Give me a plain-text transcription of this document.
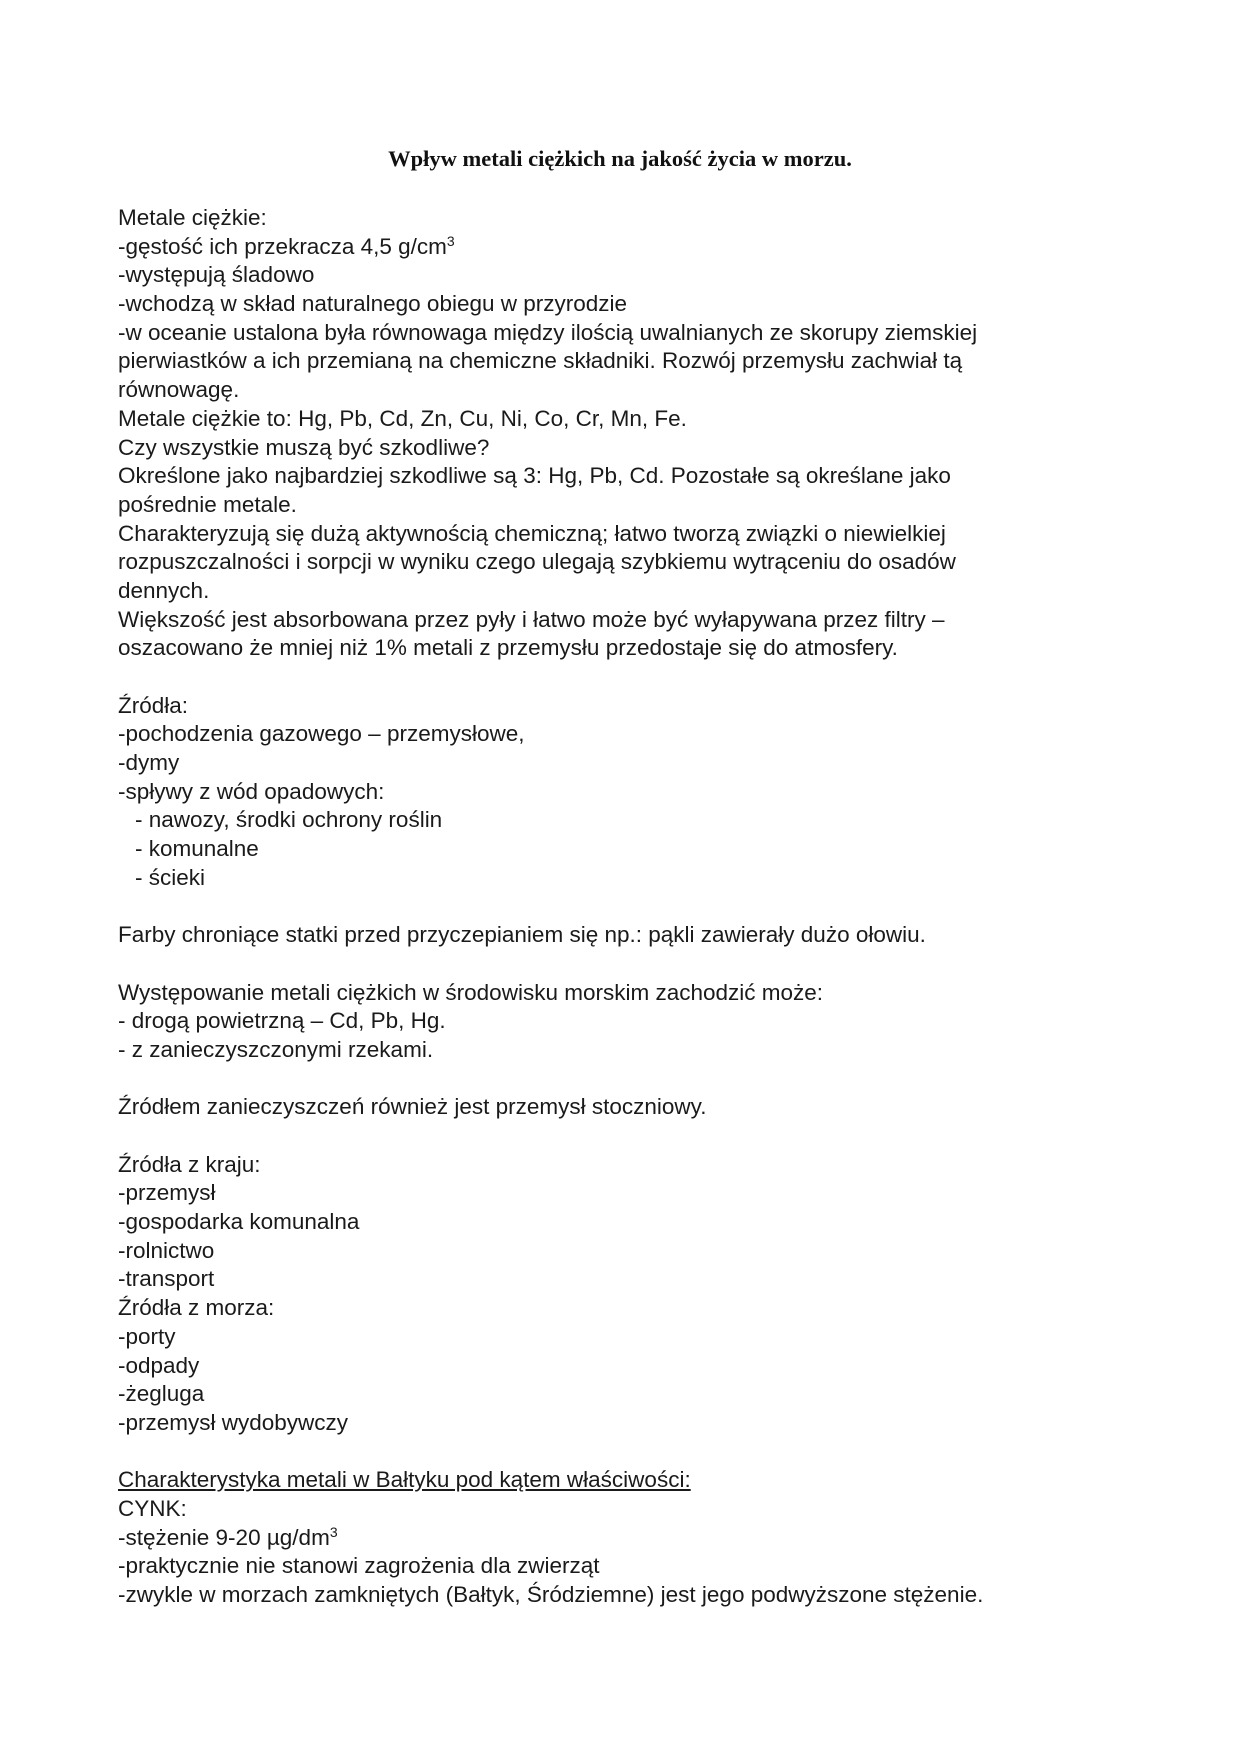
Wpływ metali ciężkich na jakość życia w morzu.
Metale ciężkie:
-gęstość ich przekracza 4,5 $g/cm^3$
-występują śladowo
-wchodzą w skład naturalnego obiegu w przyrodzie
-w oceanie ustalona była równowaga między ilością uwalnianych ze skorupy ziemskiej
pierwiastków a ich przemianą na chemiczne składniki. Rozwój przemysłu zachwiał tą
równowagę.
Metale ciężkie to: Hg, Pb, Cd, Zn, Cu, Ni, Co, Cr, Mn, Fe.
Czy wszystkie muszą być szkodliwe?
Określone jako najbardziej szkodliwe są 3: Hg, Pb, Cd. Pozostałe są określane jako
pośrednie metale.
Charakteryzują się dużą aktywnością chemiczną; łatwo tworzą związki o niewielkiej
rozpuszczalności i sorpcji w wyniku czego ulegają szybkiemu wytrąceniu do osadów
dennych.
Większość jest absorbowana przez pyły i łatwo może być wyłapywana przez filtry –
oszacowano że mniej niż 1% metali z przemysłu przedostaje się do atmosfery.
Źródła:
-pochodzenia gazowego – przemysłowe,
-dymy
-spływy z wód opadowych:
- nawozy, środki ochrony roślin
- komunalne
- ścieki
Farby chroniące statki przed przyczepianiem się np.: pąkli zawierały dużo ołowiu.
Występowanie metali ciężkich w środowisku morskim zachodzić może:
- drogą powietrzną – Cd, Pb, Hg.
- z zanieczyszczonymi rzekami.
Źródłem zanieczyszczeń również jest przemysł stoczniowy.
Źródła z kraju:
-przemysł
-gospodarka komunalna
-rolnictwo
-transport
Źródła z morza:
-porty
-odpady
-żegluga
-przemysł wydobywczy
Charakterystyka metali w Bałtyku pod kątem właściwości:
CYNK:
-stężenie 9-20 $\mu g/dm^3$
-praktycznie nie stanowi zagrożenia dla zwierząt
-zwykle w morzach zamkniętych (Bałtyk, Śródziemne) jest jego podwyższone stężenie.
